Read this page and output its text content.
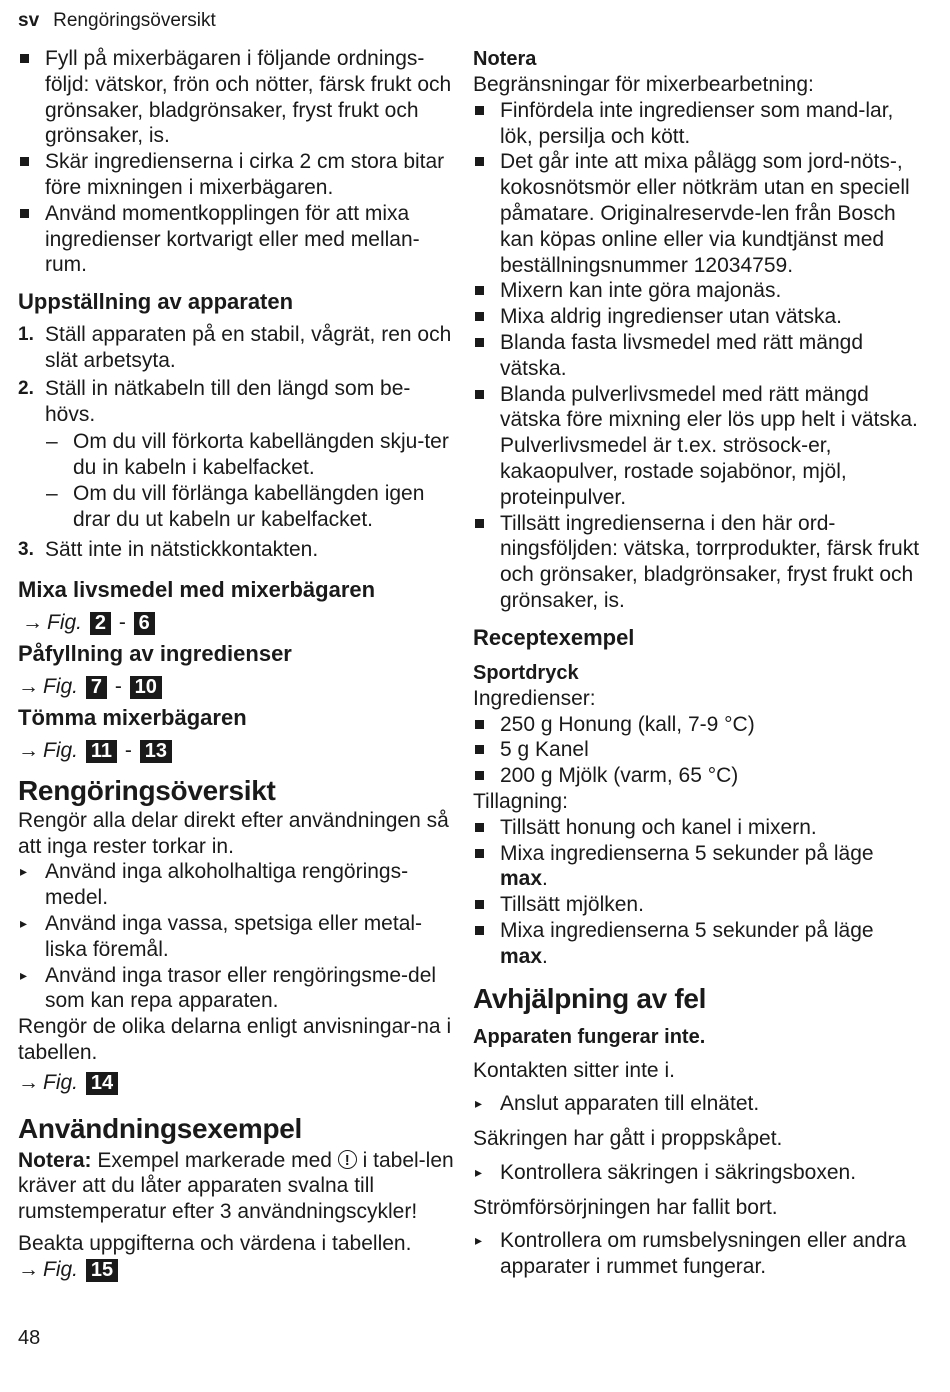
sv Rengöringsöversikt
Fyll på mixerbägaren i följande ordnings-följd: vätskor, frön och nötter, färsk frukt och grönsaker, bladgrönsaker, fryst frukt och grönsaker, is.
Skär ingredienserna i cirka 2 cm stora bitar före mixningen i mixerbägaren.
Använd momentkopplingen för att mixa ingredienser kortvarigt eller med mellan-rum.
Uppställning av apparaten
1. Ställ apparaten på en stabil, vågrät, ren och slät arbetsyta.
2. Ställ in nätkabeln till den längd som be-hövs.
– Om du vill förkorta kabellängden skju-ter du in kabeln i kabelfacket.
– Om du vill förlänga kabellängden igen drar du ut kabeln ur kabelfacket.
3. Sätt inte in nätstickkontakten.
Mixa livsmedel med mixerbägaren
→ Fig. 2 - 6
Påfyllning av ingredienser
→ Fig. 7 - 10
Tömma mixerbägaren
→ Fig. 11 - 13
Rengöringsöversikt

Rengör alla delar direkt efter användningen så att inga rester torkar in.

▸ Använd inga alkoholhaltiga rengörings-medel.
▸ Använd inga vassa, spetsiga eller metal-liska föremål.
▸ Använd inga trasor eller rengöringsme-del som kan repa apparaten.

Rengör de olika delarna enligt anvisningar-na i tabellen.

→ Fig. 14
Användningsexempel

Notera: Exempel markerade med ! i tabel-len kräver att du låter apparaten svalna till rumstemperatur efter 3 användningscykler!

Beakta uppgifterna och värdena i tabellen.

→ Fig. 15

Notera

Begränsningar för mixerbearbetning:

Finfördela inte ingredienser som mand-lar, lök, persilja och kött.
Det går inte att mixa pålägg som jord-nöts-, kokosnötsmör eller nötkräm utan en speciell påmatare. Originalreservde-len från Bosch kan köpas online eller via kundtjänst med beställningsnummer 12034759.
Mixern kan inte göra majonäs.
Mixa aldrig ingredienser utan vätska.
Blanda fasta livsmedel med rätt mängd vätska.
Blanda pulverlivsmedel med rätt mängd vätska före mixning eler lös upp helt i vätska. Pulverlivsmedel är t.ex. strösock-er, kakaopulver, rostade sojabönor, mjöl, proteinpulver.
Tillsätt ingredienserna i den här ord-ningsföljden: vätska, torrprodukter, färsk frukt och grönsaker, bladgrönsaker, fryst frukt och grönsaker, is.
Receptexempel

Sportdryck

Ingredienser:

250 g Honung (kall, 7-9 °C)
5 g Kanel
200 g Mjölk (varm, 65 °C)

Tillagning:

Tillsätt honung och kanel i mixern.
Mixa ingredienserna 5 sekunder på läge max.
Tillsätt mjölken.
Mixa ingredienserna 5 sekunder på läge max.
Avhjälpning av fel

Apparaten fungerar inte.

Kontakten sitter inte i.

▸ Anslut apparaten till elnätet.

Säkringen har gått i proppskåpet.

▸ Kontrollera säkringen i säkringsboxen.

Strömförsörjningen har fallit bort.

▸ Kontrollera om rumsbelysningen eller andra apparater i rummet fungerar.
48
